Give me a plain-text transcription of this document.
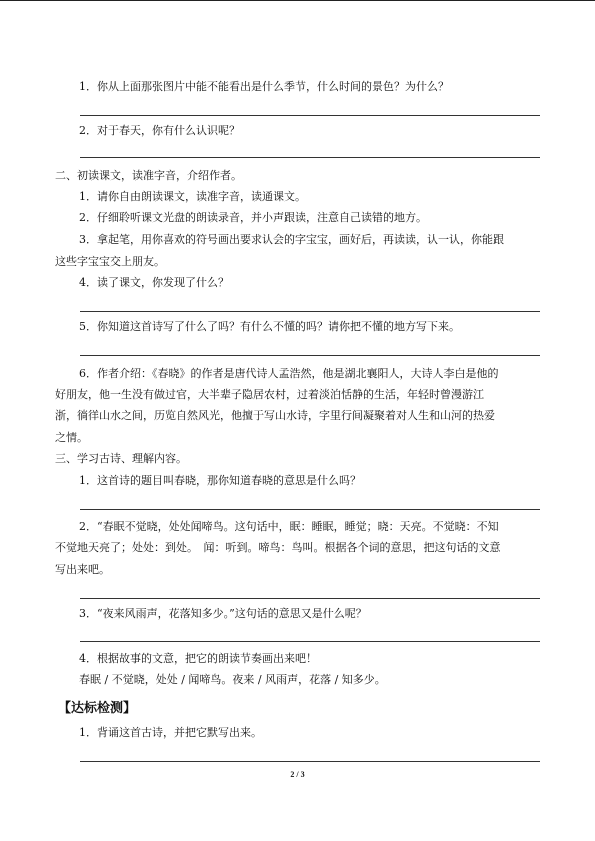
1．你从上面那张图片中能不能看出是什么季节，什么时间的景色？为什么？
2．对于春天，你有什么认识呢？
二、初读课文，读准字音，介绍作者。
1．请你自由朗读课文，读准字音，读通课文。
2．仔细聆听课文光盘的朗读录音，并小声跟读，注意自己读错的地方。
3．拿起笔，用你喜欢的符号画出要求认会的字宝宝，画好后，再读读，认一认，你能跟
这些字宝宝交上朋友。
4．读了课文，你发现了什么？
5．你知道这首诗写了什么了吗？有什么不懂的吗？请你把不懂的地方写下来。
6．作者介绍：《春晓》的作者是唐代诗人孟浩然，他是湖北襄阳人，大诗人李白是他的
好朋友，他一生没有做过官，大半辈子隐居农村，过着淡泊恬静的生活，年轻时曾漫游江
浙，徜徉山水之间，历览自然风光，他擅于写山水诗，字里行间凝聚着对人生和山河的热爱
之情。
三、学习古诗、理解内容。
1．这首诗的题目叫春晓，那你知道春晓的意思是什么吗？
2．“春眠不觉晓，处处闻啼鸟。这句话中，眠：睡眠，睡觉；晓：天亮。不觉晓：不知
不觉地天亮了；处处：到处。　闻：听到。啼鸟：鸟叫。根据各个词的意思，把这句话的文意
写出来吧。
3．“夜来风雨声，花落知多少。”这句话的意思又是什么呢？
4．根据故事的文意，把它的朗读节奏画出来吧！
春眠 / 不觉晓，处处 / 闻啼鸟。夜来 / 风雨声，花落 / 知多少。
【达标检测】
1．背诵这首古诗，并把它默写出来。
2 / 3
